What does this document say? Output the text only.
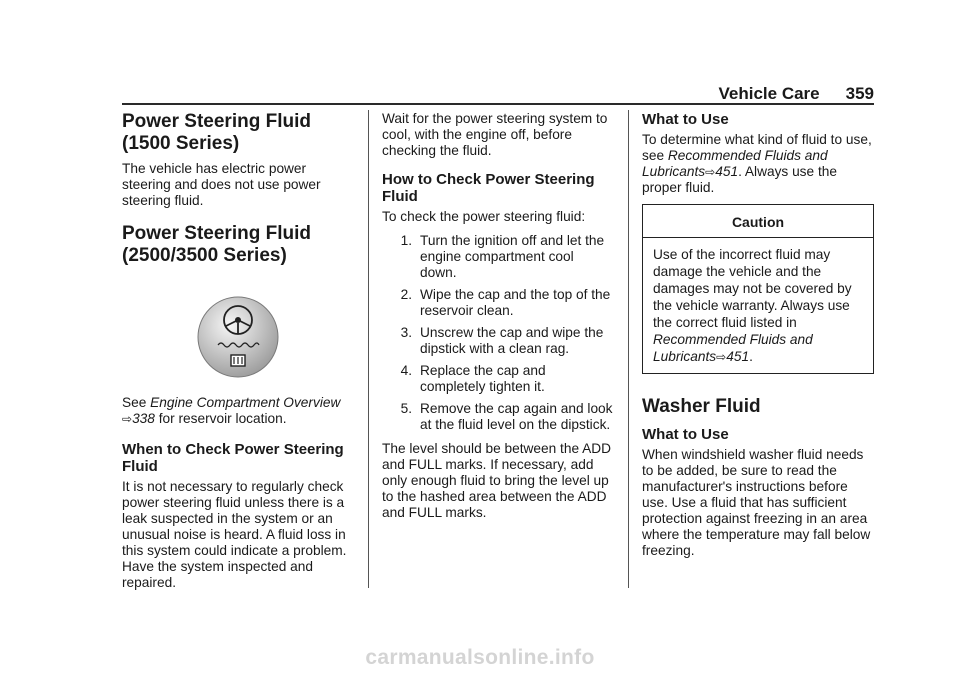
Vehicle Care 359
Power Steering Fluid (1500 Series)

The vehicle has electric power steering and does not use power steering fluid.

Power Steering Fluid (2500/3500 Series)

See Engine Compartment Overview
⇨338 for reservoir location.

When to Check Power Steering Fluid

It is not necessary to regularly check power steering fluid unless there is a leak suspected in the system or an unusual noise is heard. A fluid loss in this system could indicate a problem. Have the system inspected and repaired.

Wait for the power steering system to cool, with the engine off, before checking the fluid.

How to Check Power Steering Fluid

To check the power steering fluid:

1. Turn the ignition off and let the engine compartment cool down.
2. Wipe the cap and the top of the reservoir clean.
3. Unscrew the cap and wipe the dipstick with a clean rag.
4. Replace the cap and completely tighten it.
5. Remove the cap again and look at the fluid level on the dipstick.

The level should be between the ADD and FULL marks. If necessary, add only enough fluid to bring the level up to the hashed area between the ADD and FULL marks.

What to Use

To determine what kind of fluid to use, see Recommended Fluids and Lubricants⇨451. Always use the proper fluid.

Caution
Use of the incorrect fluid may damage the vehicle and the damages may not be covered by the vehicle warranty. Always use the correct fluid listed in Recommended Fluids and Lubricants⇨451.
Washer Fluid
What to Use

When windshield washer fluid needs to be added, be sure to read the manufacturer's instructions before use. Use a fluid that has sufficient protection against freezing in an area where the temperature may fall below freezing.

carmanualsonline.info
